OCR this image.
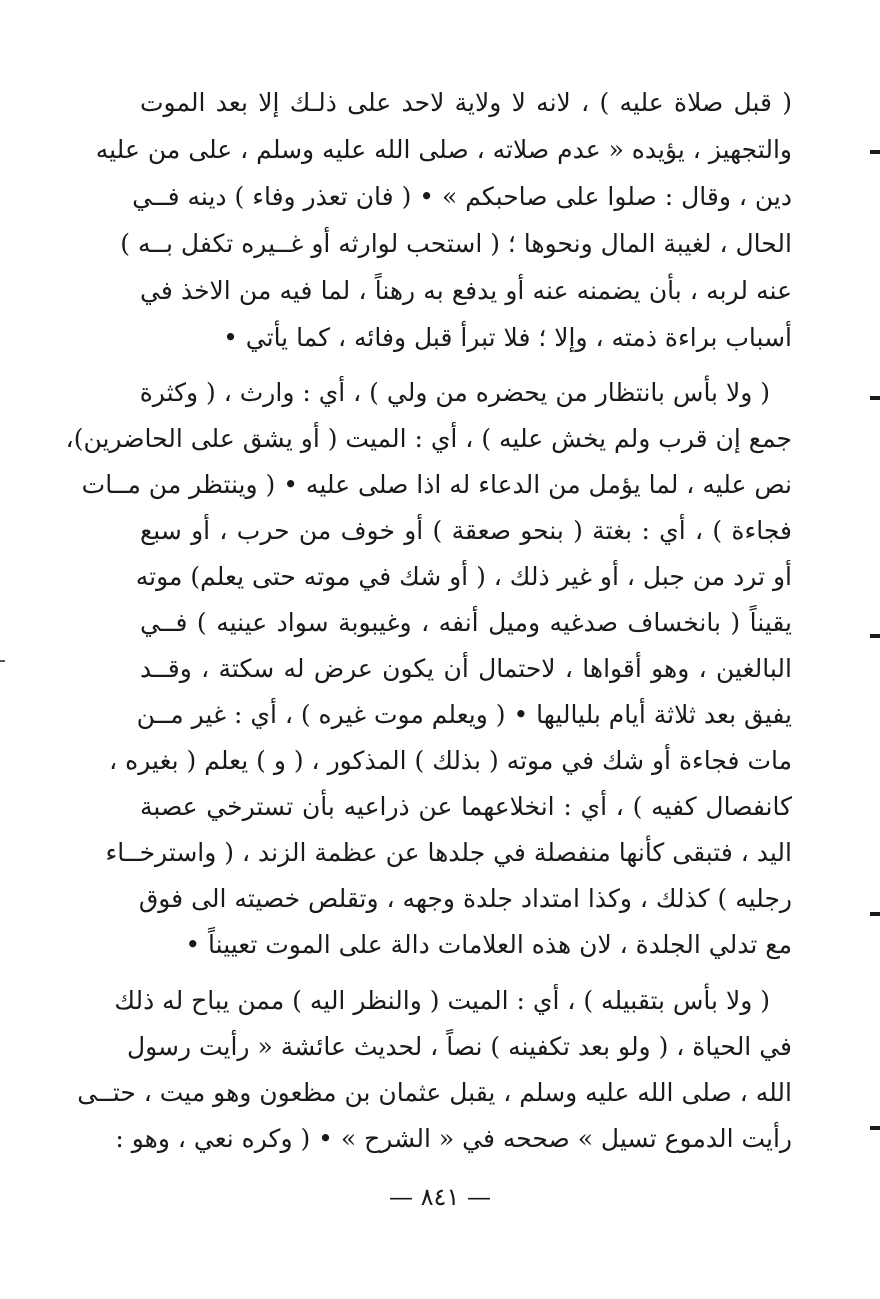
( قبل صلاة عليه ) ، لانه لا ولاية لاحد على ذلـك إلا بعد الموت
والتجهيز ، يؤيده « عدم صلاته ، صلى الله عليه وسلم ، على من عليه
دين ، وقال : صلوا على صاحبكم » • ( فان تعذر وفاء ) دينه فــي
الحال ، لغيبة المال ونحوها ؛ ( استحب لوارثه أو غــيره تكفل بــه )
عنه لربه ، بأن يضمنه عنه أو يدفع به رهناً ، لما فيه من الاخذ في
أسباب براءة ذمته ، وإلا ؛ فلا تبرأ قبل وفائه ، كما يأتي •
( ولا بأس بانتظار من يحضره من ولي ) ، أي : وارث ، ( وكثرة
جمع إن قرب ولم يخش عليه ) ، أي : الميت ( أو يشق على الحاضرين)،
نص عليه ، لما يؤمل من الدعاء له اذا صلى عليه • ( وينتظر من مــات
فجاءة ) ، أي : بغتة ( بنحو صعقة ) أو خوف من حرب ، أو سبع
أو ترد من جبل ، أو غير ذلك ، ( أو شك في موته حتى يعلم) موته
يقيناً ( بانخساف صدغيه وميل أنفه ، وغيبوبة سواد عينيه ) فــي
البالغين ، وهو أقواها ، لاحتمال أن يكون عرض له سكتة ، وقــد
يفيق بعد ثلاثة أيام بلياليها • ( ويعلم موت غيره ) ، أي : غير مــن
مات فجاءة أو شك في موته ( بذلك ) المذكور ، ( و ) يعلم ( بغيره ،
كانفصال كفيه ) ، أي : انخلاعهما عن ذراعيه بأن تسترخي عصبة
اليد ، فتبقى كأنها منفصلة في جلدها عن عظمة الزند ، ( واسترخــاء
رجليه ) كذلك ، وكذا امتداد جلدة وجهه ، وتقلص خصيته الى فوق
مع تدلي الجلدة ، لان هذه العلامات دالة على الموت تعييناً •
( ولا بأس بتقبيله ) ، أي : الميت ( والنظر اليه ) ممن يباح له ذلك
في الحياة ، ( ولو بعد تكفينه ) نصاً ، لحديث عائشة « رأيت رسول
الله ، صلى الله عليه وسلم ، يقبل عثمان بن مظعون وهو ميت ، حتــى
رأيت الدموع تسيل » صححه في « الشرح » • ( وكره نعي ، وهو :
— ٨٤١ —
